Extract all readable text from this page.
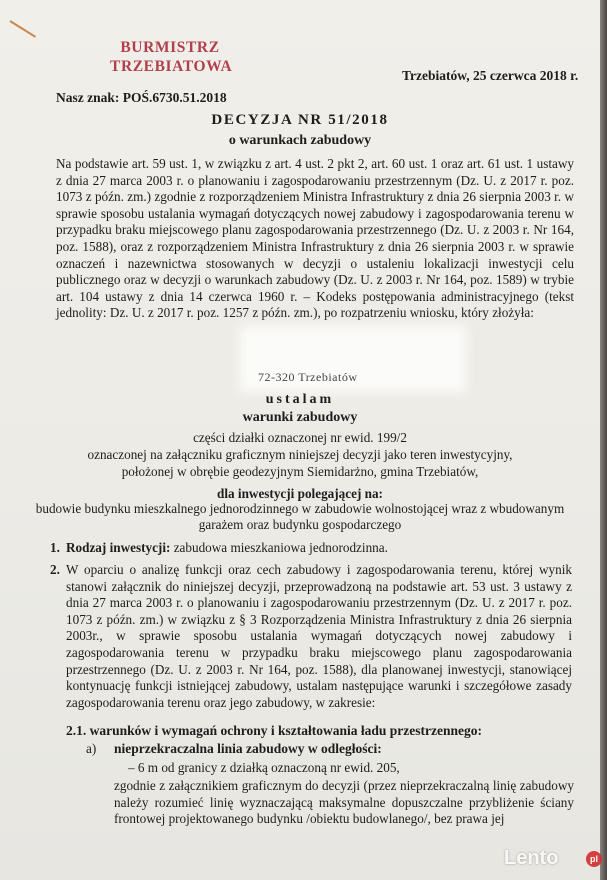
BURMISTRZ
TRZEBIATOWA
Trzebiatów, 25 czerwca 2018 r.
Nasz znak: POŚ.6730.51.2018
DECYZJA NR 51/2018
o warunkach zabudowy
Na podstawie art. 59 ust. 1, w związku z art. 4 ust. 2 pkt 2, art. 60 ust. 1 oraz art. 61 ust. 1 ustawy z dnia 27 marca 2003 r. o planowaniu i zagospodarowaniu przestrzennym (Dz. U. z 2017 r. poz. 1073 z późn. zm.) zgodnie z rozporządzeniem Ministra Infrastruktury z dnia 26 sierpnia 2003 r. w sprawie sposobu ustalania wymagań dotyczących nowej zabudowy i zagospodarowania terenu w przypadku braku miejscowego planu zagospodarowania przestrzennego (Dz. U. z 2003 r. Nr 164, poz. 1588), oraz z rozporządzeniem Ministra Infrastruktury z dnia 26 sierpnia 2003 r. w sprawie oznaczeń i nazewnictwa stosowanych w decyzji o ustaleniu lokalizacji inwestycji celu publicznego oraz w decyzji o warunkach zabudowy (Dz. U. z 2003 r. Nr 164, poz. 1589) w trybie art. 104 ustawy z dnia 14 czerwca 1960 r. – Kodeks postępowania administracyjnego (tekst jednolity: Dz. U. z 2017 r. poz. 1257 z późn. zm.), po rozpatrzeniu wniosku, który złożyła:
72-320 Trzebiatów
ustalam
warunki zabudowy
części działki oznaczonej nr ewid. 199/2
oznaczonej na załączniku graficznym niniejszej decyzji jako teren inwestycyjny,
położonej w obrębie geodezyjnym Siemidarżno, gmina Trzebiatów,
dla inwestycji polegającej na:
budowie budynku mieszkalnego jednorodzinnego w zabudowie wolnostojącej wraz z wbudowanym
garażem oraz budynku gospodarczego
1. Rodzaj inwestycji: zabudowa mieszkaniowa jednorodzinna.
2. W oparciu o analizę funkcji oraz cech zabudowy i zagospodarowania terenu, której wynik stanowi załącznik do niniejszej decyzji, przeprowadzoną na podstawie art. 53 ust. 3 ustawy z dnia 27 marca 2003 r. o planowaniu i zagospodarowaniu przestrzennym (Dz. U. z 2017 r. poz. 1073 z późn. zm.) w związku z § 3 Rozporządzenia Ministra Infrastruktury z dnia 26 sierpnia 2003r., w sprawie sposobu ustalania wymagań dotyczących nowej zabudowy i zagospodarowania terenu w przypadku braku miejscowego planu zagospodarowania przestrzennego (Dz. U. z 2003 r. Nr 164, poz. 1588), dla planowanej inwestycji, stanowiącej kontynuację funkcji istniejącej zabudowy, ustalam następujące warunki i szczegółowe zasady zagospodarowania terenu oraz jego zabudowy, w zakresie:
2.1. warunków i wymagań ochrony i kształtowania ładu przestrzennego:
a) nieprzekraczalna linia zabudowy w odległości:
– 6 m od granicy z działką oznaczoną nr ewid. 205,
zgodnie z załącznikiem graficznym do decyzji (przez nieprzekraczalną linię zabudowy należy rozumieć linię wyznaczającą maksymalne dopuszczalne przybliżenie ściany frontowej projektowanego budynku /obiektu budowlanego/, bez prawa jej
Lento	pl
